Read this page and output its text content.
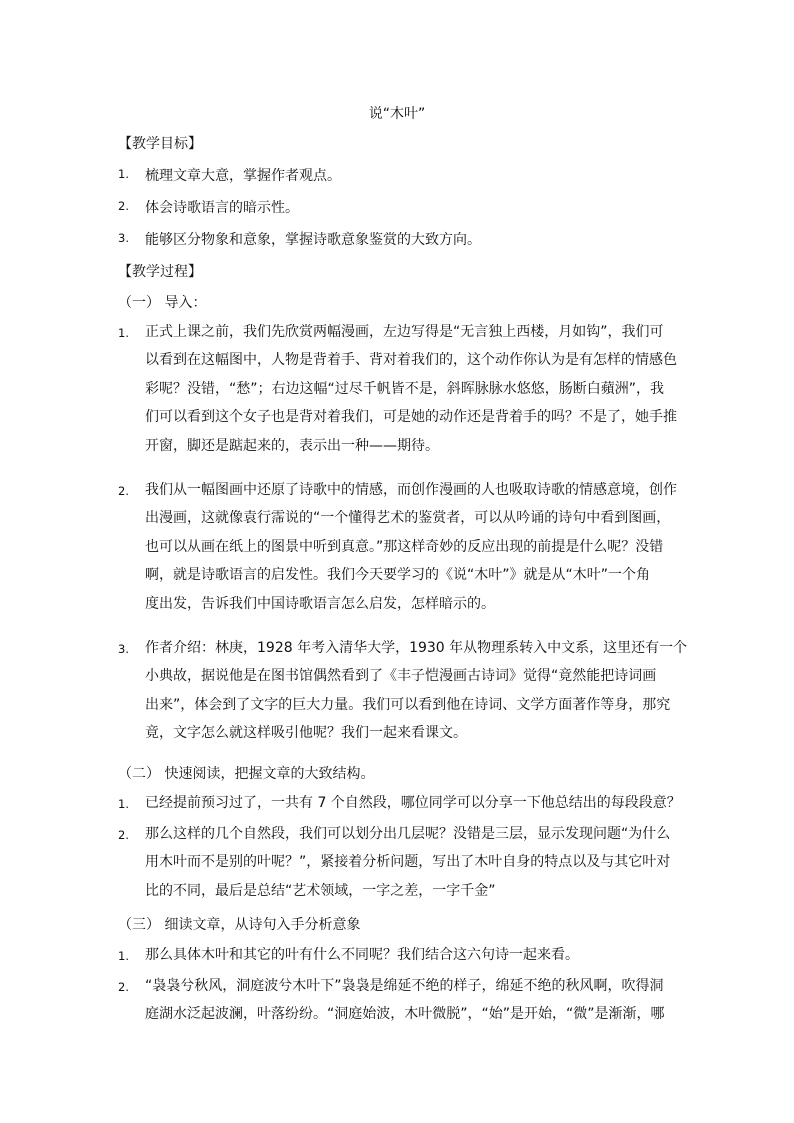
说“木叶”
【教学目标】
1. 梳理文章大意，掌握作者观点。
2. 体会诗歌语言的暗示性。
3. 能够区分物象和意象，掌握诗歌意象鉴赏的大致方向。
【教学过程】
（一） 导入：
1. 正式上课之前，我们先欣赏两幅漫画，左边写得是“无言独上西楼，月如钩”，我们可
以看到在这幅图中，人物是背着手、背对着我们的，这个动作你认为是有怎样的情感色
彩呢？没错，“愁”；右边这幅“过尽千帆皆不是，斜晖脉脉水悠悠，肠断白蘋洲”，我
们可以看到这个女子也是背对着我们，可是她的动作还是背着手的吗？不是了，她手推
开窗，脚还是踮起来的，表示出一种——期待。
2. 我们从一幅图画中还原了诗歌中的情感，而创作漫画的人也吸取诗歌的情感意境，创作
出漫画，这就像袁行霈说的“一个懂得艺术的鉴赏者，可以从吟诵的诗句中看到图画，
也可以从画在纸上的图景中听到真意。”那这样奇妙的反应出现的前提是什么呢？没错
啊，就是诗歌语言的启发性。我们今天要学习的《说“木叶”》就是从“木叶”一个角
度出发，告诉我们中国诗歌语言怎么启发，怎样暗示的。
3. 作者介绍：林庚，1928 年考入清华大学，1930 年从物理系转入中文系，这里还有一个
小典故，据说他是在图书馆偶然看到了《丰子恺漫画古诗词》觉得“竟然能把诗词画
出来”，体会到了文字的巨大力量。我们可以看到他在诗词、文学方面著作等身，那究
竟，文字怎么就这样吸引他呢？我们一起来看课文。
（二） 快速阅读，把握文章的大致结构。
1. 已经提前预习过了，一共有 7 个自然段，哪位同学可以分享一下他总结出的每段段意？
2. 那么这样的几个自然段，我们可以划分出几层呢？没错是三层，显示发现问题“为什么
用木叶而不是别的叶呢？”，紧接着分析问题，写出了木叶自身的特点以及与其它叶对
比的不同，最后是总结“艺术领域，一字之差，一字千金”
（三） 细读文章，从诗句入手分析意象
1. 那么具体木叶和其它的叶有什么不同呢？我们结合这六句诗一起来看。
2. “袅袅兮秋风，洞庭波兮木叶下”袅袅是绵延不绝的样子，绵延不绝的秋风啊，吹得洞
庭湖水泛起波澜，叶落纷纷。“洞庭始波，木叶微脱”，“始”是开始，“微”是渐渐，哪
